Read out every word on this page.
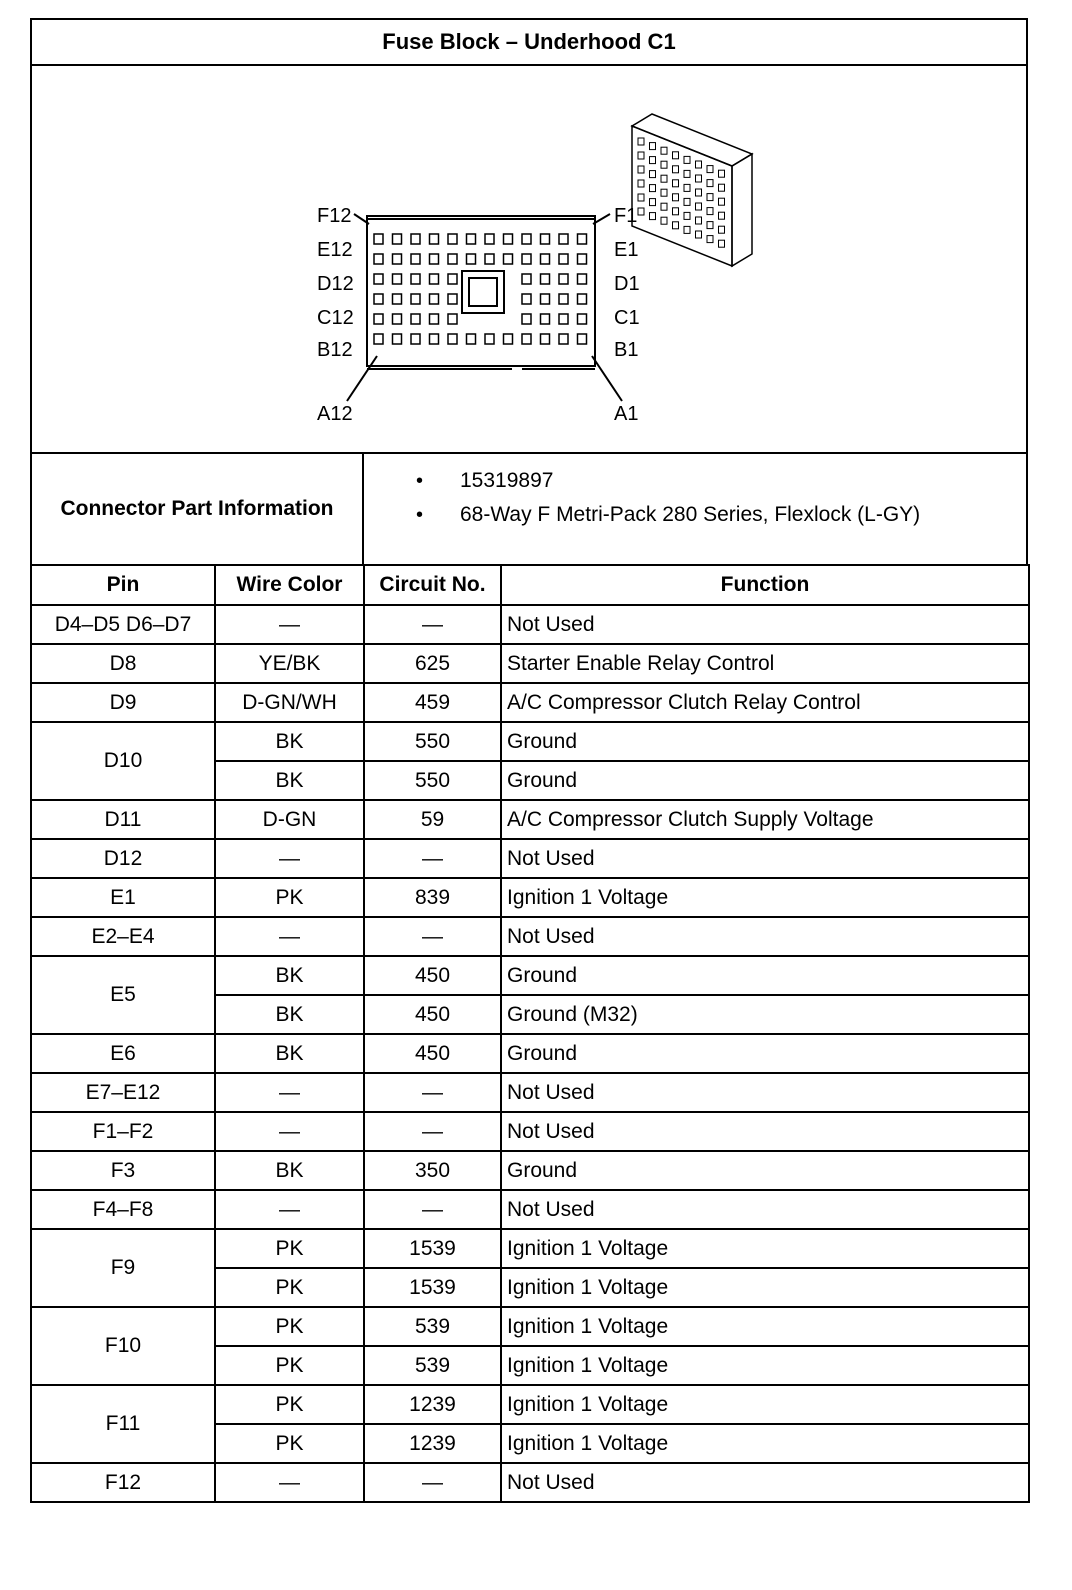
Fuse Block – Underhood C1
F12
E12
D12
C12
B12
A12
F1
E1
D1
C1
B1
A1
Connector Part Information
• 15319897
• 68-Way F Metri-Pack 280 Series, Flexlock (L-GY)
Pin	Wire Color	Circuit No.	Function
D4–D5 D6–D7	—	—	Not Used
D8	YE/BK	625	Starter Enable Relay Control
D9	D-GN/WH	459	A/C Compressor Clutch Relay Control
D10	BK	550	Ground
	BK	550	Ground
D11	D-GN	59	A/C Compressor Clutch Supply Voltage
D12	—	—	Not Used
E1	PK	839	Ignition 1 Voltage
E2–E4	—	—	Not Used
E5	BK	450	Ground
	BK	450	Ground (M32)
E6	BK	450	Ground
E7–E12	—	—	Not Used
F1–F2	—	—	Not Used
F3	BK	350	Ground
F4–F8	—	—	Not Used
F9	PK	1539	Ignition 1 Voltage
	PK	1539	Ignition 1 Voltage
F10	PK	539	Ignition 1 Voltage
	PK	539	Ignition 1 Voltage
F11	PK	1239	Ignition 1 Voltage
	PK	1239	Ignition 1 Voltage
F12	—	—	Not Used
